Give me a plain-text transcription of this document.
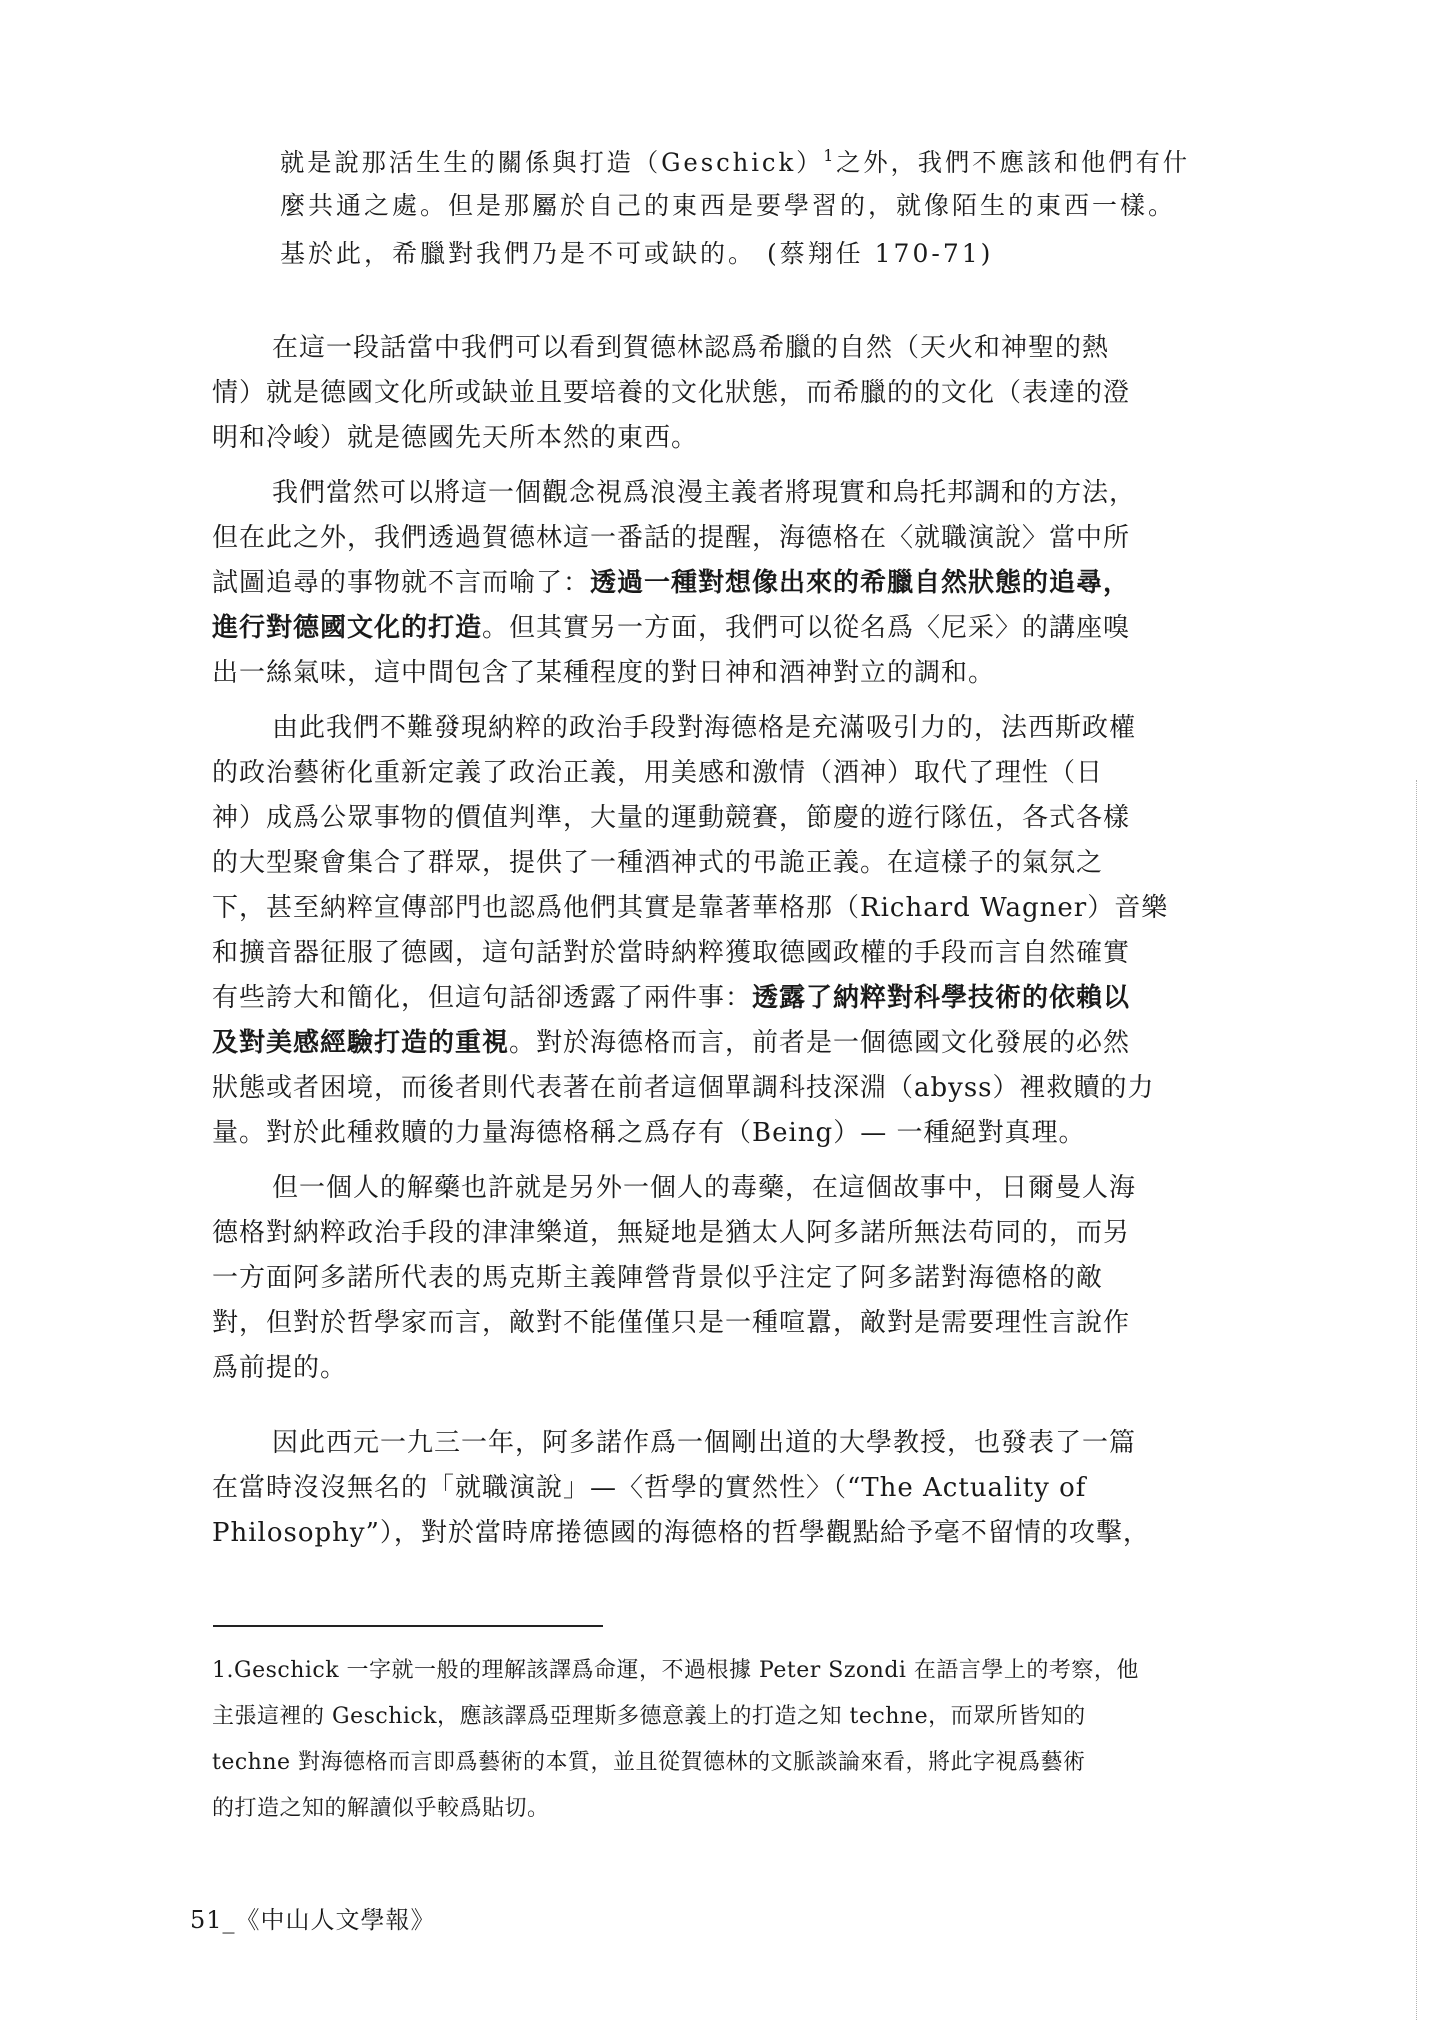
就是說那活生生的關係與打造（Geschick）$^1$之外，我們不應該和他們有什
麼共通之處。但是那屬於自己的東西是要學習的，就像陌生的東西一樣。
基於此，希臘對我們乃是不可或缺的。 (蔡翔任 170-71)
在這一段話當中我們可以看到賀德林認爲希臘的自然（天火和神聖的熱
情）就是德國文化所或缺並且要培養的文化狀態，而希臘的的文化（表達的澄
明和冷峻）就是德國先天所本然的東西。
我們當然可以將這一個觀念視爲浪漫主義者將現實和烏托邦調和的方法，
但在此之外，我們透過賀德林這一番話的提醒，海德格在〈就職演說〉當中所
試圖追尋的事物就不言而喻了：透過一種對想像出來的希臘自然狀態的追尋，
進行對德國文化的打造。但其實另一方面，我們可以從名爲〈尼采〉的講座嗅
出一絲氣味，這中間包含了某種程度的對日神和酒神對立的調和。
由此我們不難發現納粹的政治手段對海德格是充滿吸引力的，法西斯政權
的政治藝術化重新定義了政治正義，用美感和激情（酒神）取代了理性（日
神）成爲公眾事物的價值判準，大量的運動競賽，節慶的遊行隊伍，各式各樣
的大型聚會集合了群眾，提供了一種酒神式的弔詭正義。在這樣子的氣氛之
下，甚至納粹宣傳部門也認爲他們其實是靠著華格那（Richard Wagner）音樂
和擴音器征服了德國，這句話對於當時納粹獲取德國政權的手段而言自然確實
有些誇大和簡化，但這句話卻透露了兩件事：透露了納粹對科學技術的依賴以
及對美感經驗打造的重視。對於海德格而言，前者是一個德國文化發展的必然
狀態或者困境，而後者則代表著在前者這個單調科技深淵（abyss）裡救贖的力
量。對於此種救贖的力量海德格稱之爲存有（Being）— 一種絕對真理。
但一個人的解藥也許就是另外一個人的毒藥，在這個故事中，日爾曼人海
德格對納粹政治手段的津津樂道，無疑地是猶太人阿多諾所無法苟同的，而另
一方面阿多諾所代表的馬克斯主義陣營背景似乎注定了阿多諾對海德格的敵
對，但對於哲學家而言，敵對不能僅僅只是一種喧囂，敵對是需要理性言說作
爲前提的。
因此西元一九三一年，阿多諾作爲一個剛出道的大學教授，也發表了一篇
在當時沒沒無名的「就職演說」—〈哲學的實然性〉（“The Actuality of
Philosophy”），對於當時席捲德國的海德格的哲學觀點給予毫不留情的攻擊，
1.Geschick 一字就一般的理解該譯爲命運，不過根據 Peter Szondi 在語言學上的考察，他
主張這裡的 Geschick，應該譯爲亞理斯多德意義上的打造之知 techne，而眾所皆知的
techne 對海德格而言即爲藝術的本質，並且從賀德林的文脈談論來看，將此字視爲藝術
的打造之知的解讀似乎較爲貼切。
51_《中山人文學報》
